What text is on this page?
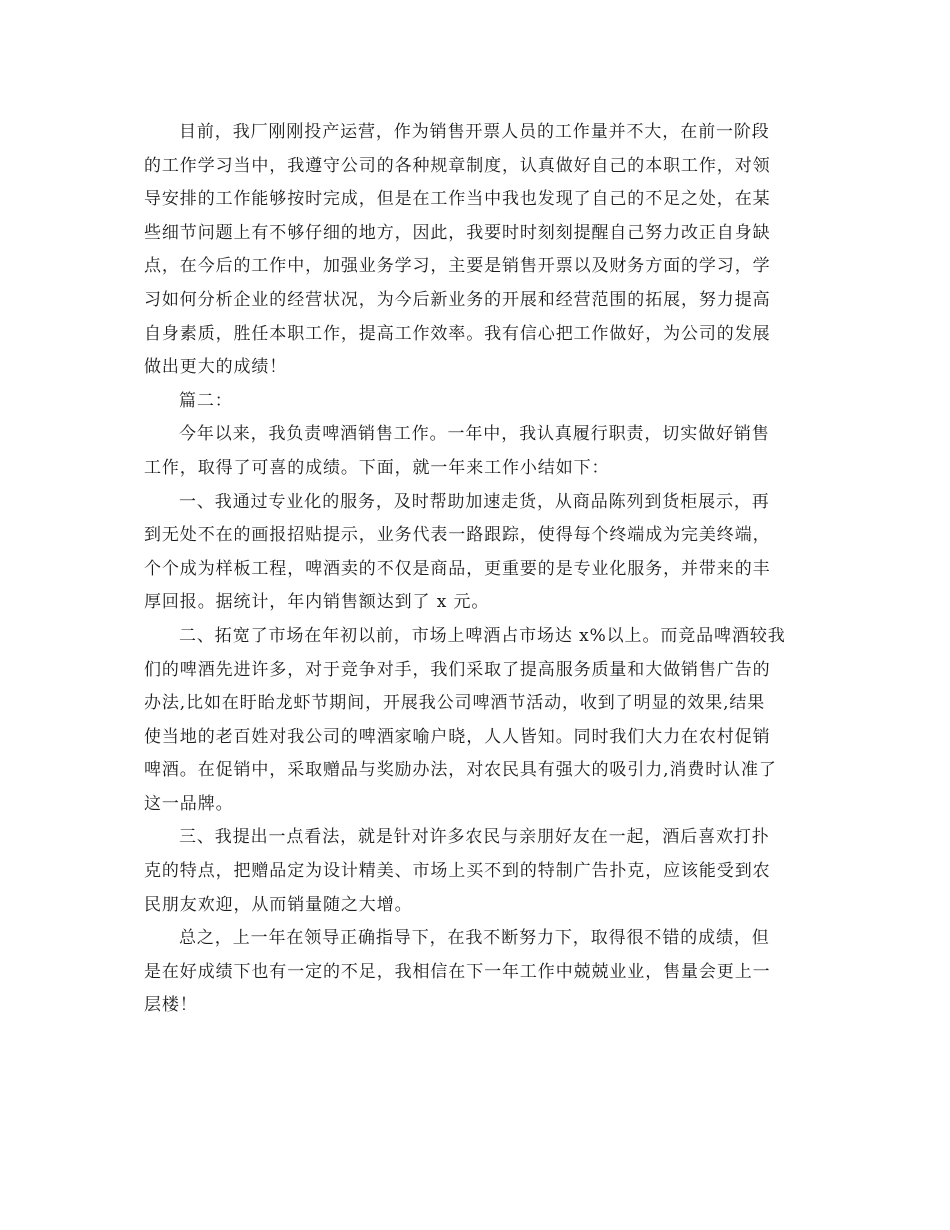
目前，我厂刚刚投产运营，作为销售开票人员的工作量并不大，在前一阶段
的工作学习当中，我遵守公司的各种规章制度，认真做好自己的本职工作，对领
导安排的工作能够按时完成，但是在工作当中我也发现了自己的不足之处，在某
些细节问题上有不够仔细的地方，因此，我要时时刻刻提醒自己努力改正自身缺
点，在今后的工作中，加强业务学习，主要是销售开票以及财务方面的学习，学
习如何分析企业的经营状况，为今后新业务的开展和经营范围的拓展，努力提高
自身素质，胜任本职工作，提高工作效率。我有信心把工作做好，为公司的发展
做出更大的成绩！
篇二：
今年以来，我负责啤酒销售工作。一年中，我认真履行职责，切实做好销售
工作，取得了可喜的成绩。下面，就一年来工作小结如下：
一、我通过专业化的服务，及时帮助加速走货，从商品陈列到货柜展示，再
到无处不在的画报招贴提示，业务代表一路跟踪，使得每个终端成为完美终端，
个个成为样板工程，啤酒卖的不仅是商品，更重要的是专业化服务，并带来的丰
厚回报。据统计，年内销售额达到了 x 元。
二、拓宽了市场在年初以前，市场上啤酒占市场达 x%以上。而竞品啤酒较我
们的啤酒先进许多，对于竞争对手，我们采取了提高服务质量和大做销售广告的
办法,比如在盱眙龙虾节期间，开展我公司啤酒节活动，收到了明显的效果,结果
使当地的老百姓对我公司的啤酒家喻户晓，人人皆知。同时我们大力在农村促销
啤酒。在促销中，采取赠品与奖励办法，对农民具有强大的吸引力,消费时认准了
这一品牌。
三、我提出一点看法，就是针对许多农民与亲朋好友在一起，酒后喜欢打扑
克的特点，把赠品定为设计精美、市场上买不到的特制广告扑克，应该能受到农
民朋友欢迎，从而销量随之大增。
总之，上一年在领导正确指导下，在我不断努力下，取得很不错的成绩，但
是在好成绩下也有一定的不足，我相信在下一年工作中兢兢业业，售量会更上一
层楼！
